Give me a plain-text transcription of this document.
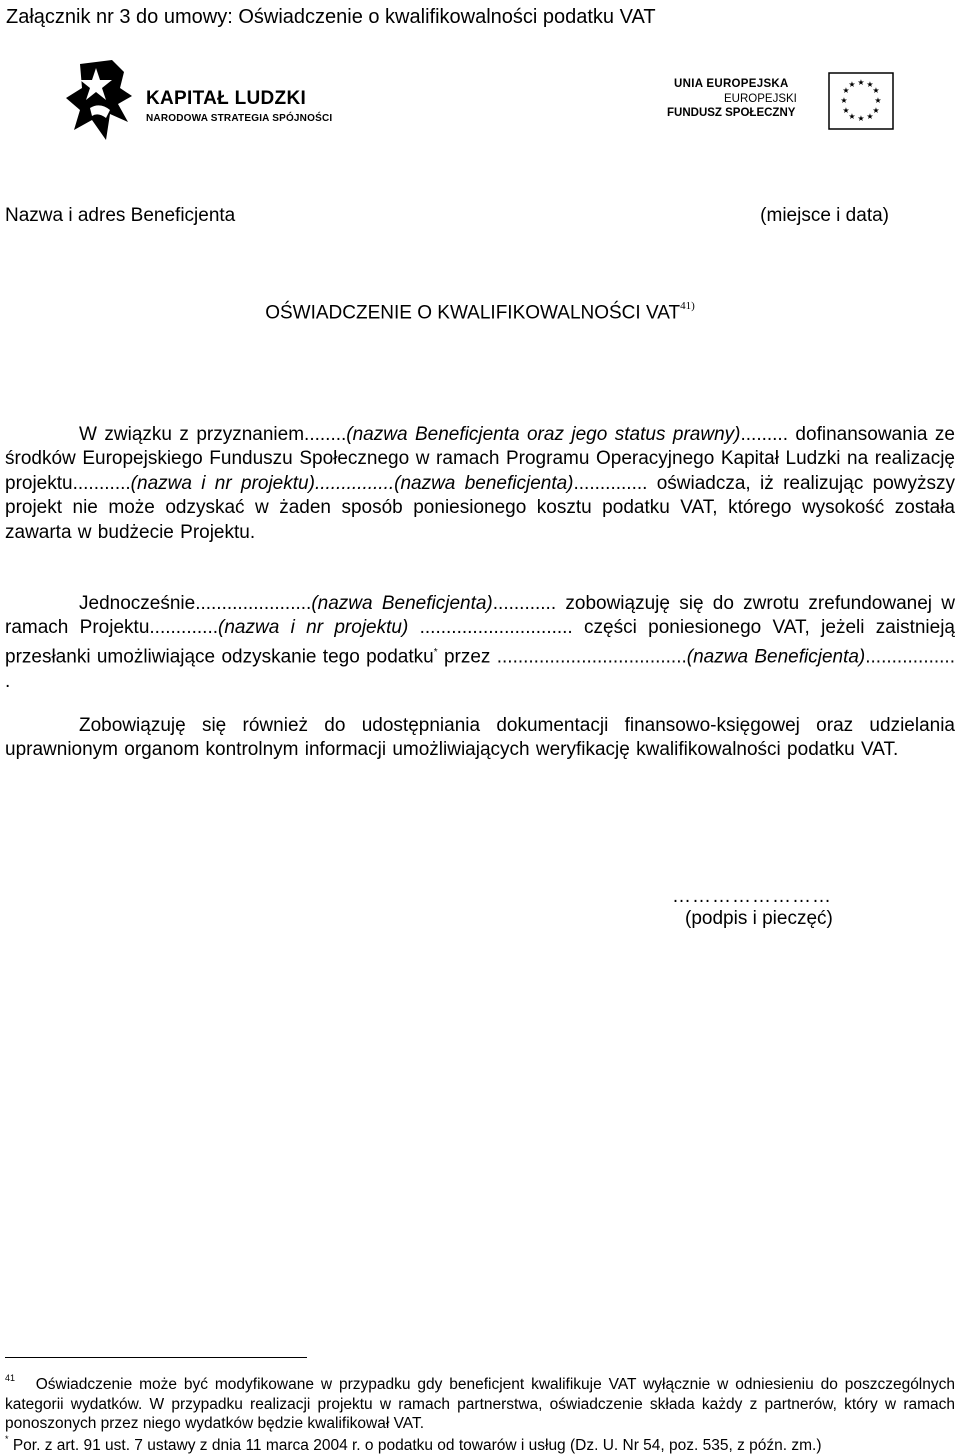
Załącznik nr 3 do umowy: Oświadczenie o kwalifikowalności podatku VAT
KAPITAŁ LUDZKI
NARODOWA STRATEGIA SPÓJNOŚCI
UNIA EUROPEJSKA
EUROPEJSKI
FUNDUSZ SPOŁECZNY
★ ★
★
★
★
★
★
★
★
★
★
★
Nazwa i adres Beneficjenta	(miejsce i data)
OŚWIADCZENIE O KWALIFIKOWALNOŚCI VAT$^{41)}$
W związku z przyznaniem........(nazwa Beneficjenta oraz jego status prawny)......... dofinansowania ze środków Europejskiego Funduszu Społecznego w ramach Programu Operacyjnego Kapitał Ludzki na realizację projektu...........(nazwa i nr projektu)...............(nazwa beneficjenta).............. oświadcza, iż realizując powyższy projekt nie może odzyskać w żaden sposób poniesionego kosztu podatku VAT, którego wysokość została zawarta w budżecie Projektu.
Jednocześnie......................(nazwa Beneficjenta)............ zobowiązuję się do zwrotu zrefundowanej w ramach Projektu.............(nazwa i nr projektu) ............................. części poniesionego VAT, jeżeli zaistnieją przesłanki umożliwiające odzyskanie tego podatku* przez ....................................(nazwa Beneficjenta)................. .
Zobowiązuję się również do udostępniania dokumentacji finansowo-księgowej oraz udzielania uprawnionym organom kontrolnym informacji umożliwiających weryfikację kwalifikowalności podatku VAT.
……………………
(podpis i pieczęć)
$^{41}$ Oświadczenie może być modyfikowane w przypadku gdy beneficjent kwalifikuje VAT wyłącznie w odniesieniu do poszczególnych kategorii wydatków. W przypadku realizacji projektu w ramach partnerstwa, oświadczenie składa każdy z partnerów, który w ramach ponoszonych przez niego wydatków będzie kwalifikował VAT.
* Por. z art. 91 ust. 7 ustawy z dnia 11 marca 2004 r. o podatku od towarów i usług (Dz. U. Nr 54, poz. 535, z późn. zm.)
